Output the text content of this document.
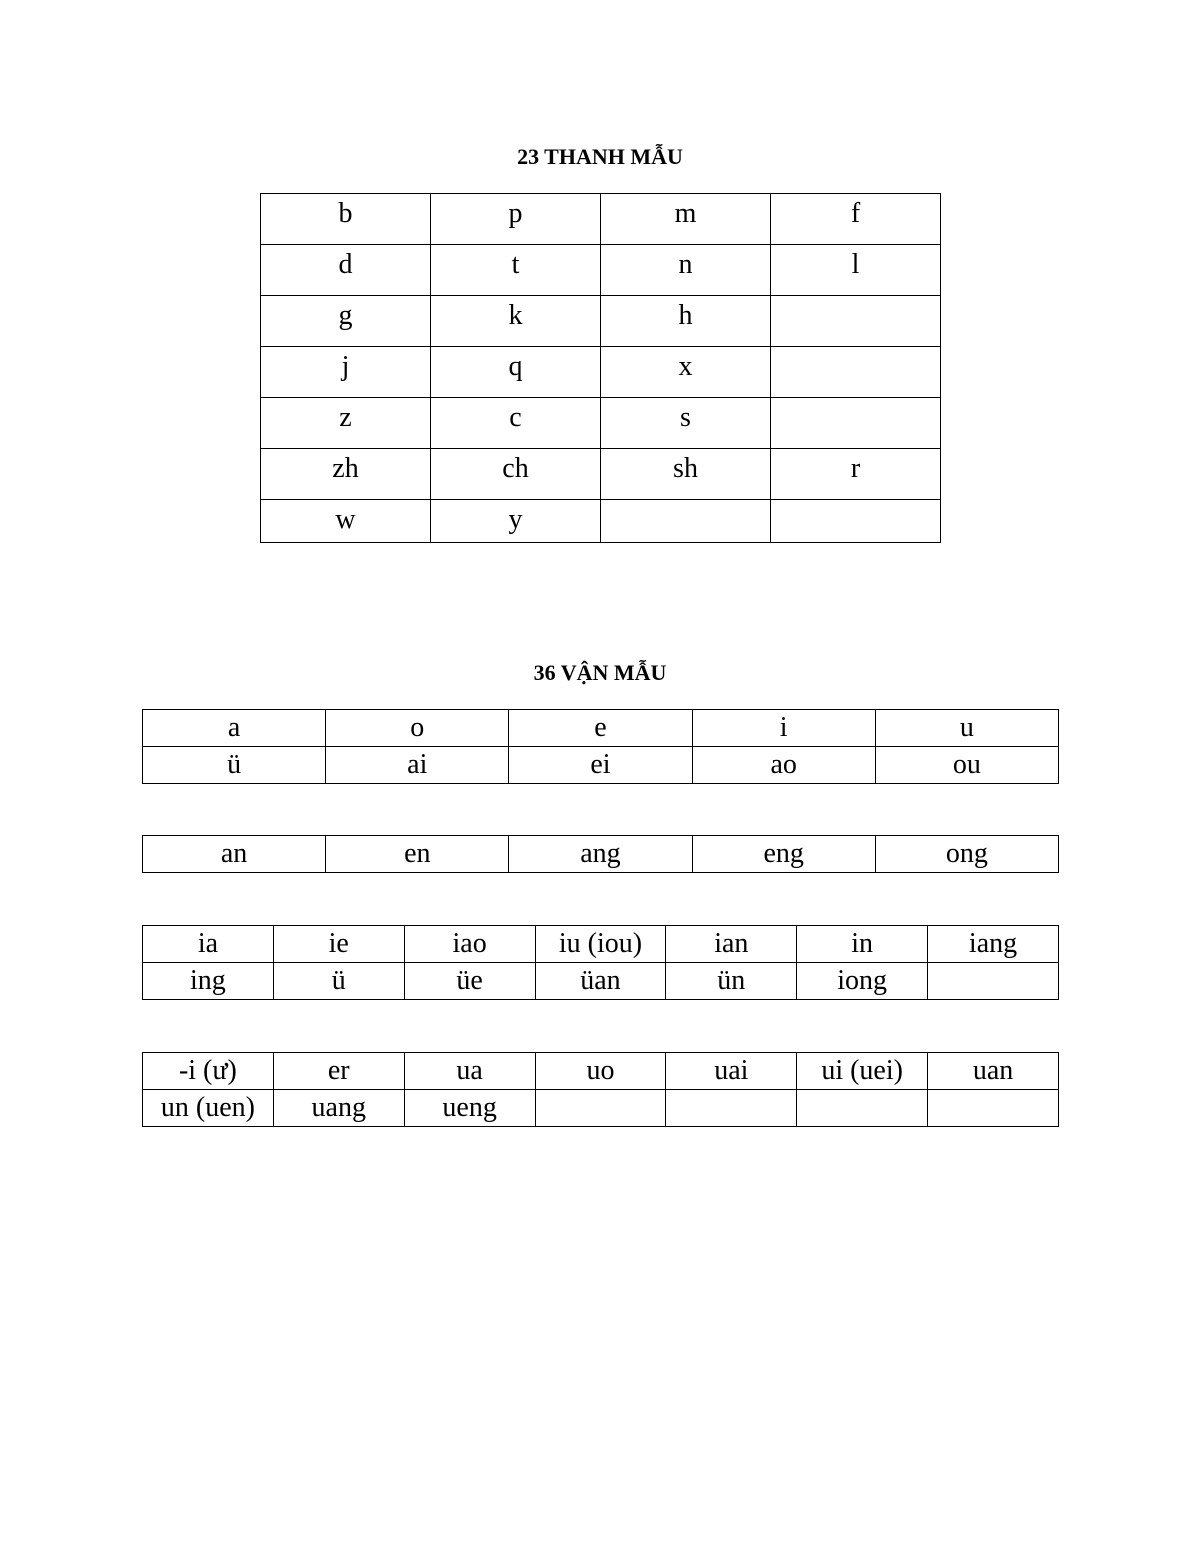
23 THANH MẪU
b	p	m	f
d	t	n	l
g	k	h	
j	q	x	
z	c	s	
zh	ch	sh	r
w	y		
36 VẬN MẪU
a	o	e	i	u
ü	ai	ei	ao	ou
an	en	ang	eng	ong
ia	ie	iao	iu (iou)	ian	in	iang
ing	ü	üe	üan	ün	iong	
-i (ư)	er	ua	uo	uai	ui (uei)	uan
un (uen)	uang	ueng				
